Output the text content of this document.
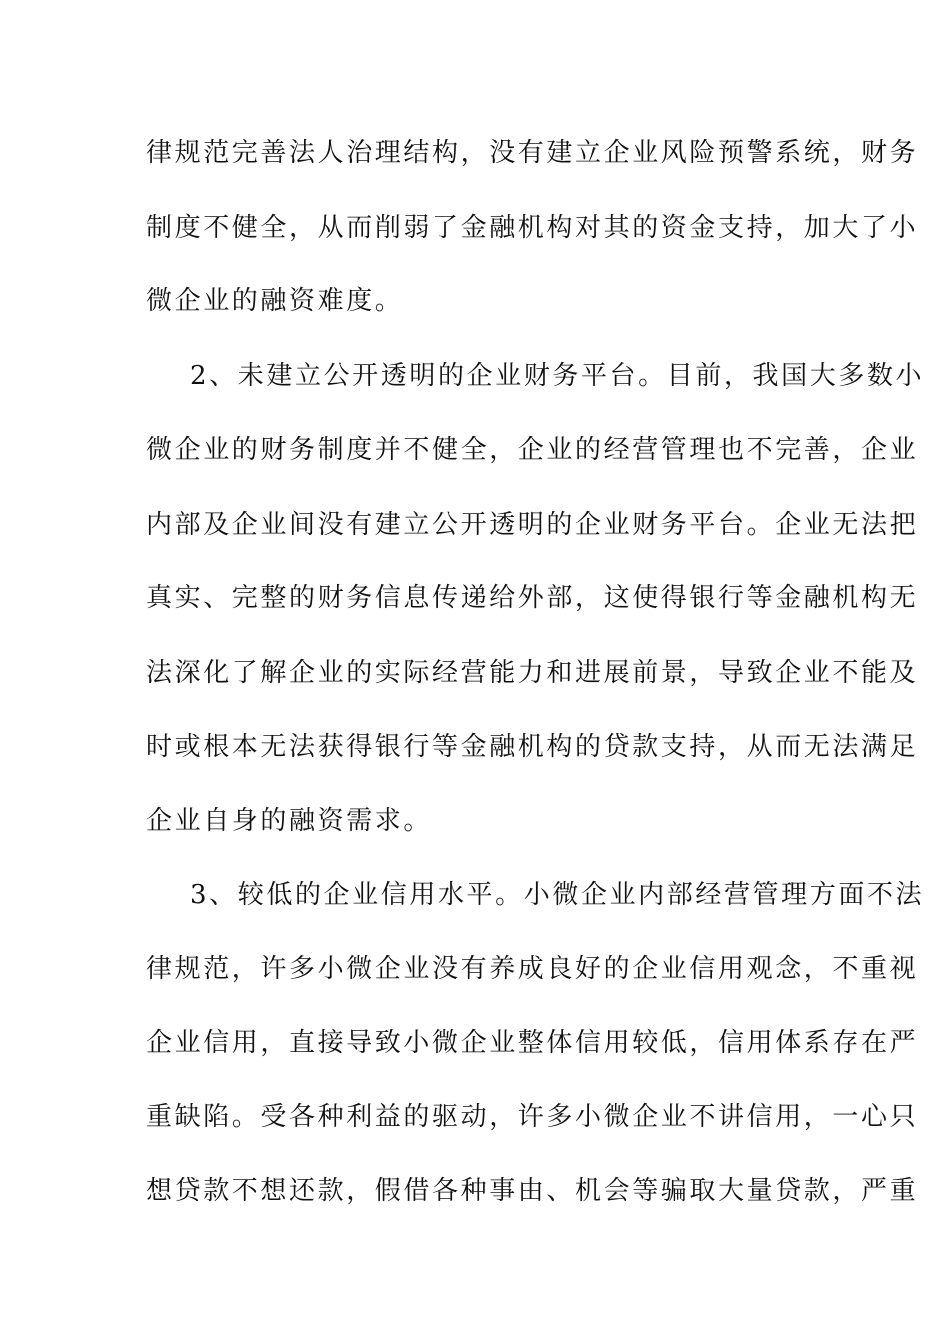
律规范完善法人治理结构，没有建立企业风险预警系统，财务
制度不健全，从而削弱了金融机构对其的资金支持，加大了小
微企业的融资难度。
2、未建立公开透明的企业财务平台。目前，我国大多数小
微企业的财务制度并不健全，企业的经营管理也不完善，企业
内部及企业间没有建立公开透明的企业财务平台。企业无法把
真实、完整的财务信息传递给外部，这使得银行等金融机构无
法深化了解企业的实际经营能力和进展前景，导致企业不能及
时或根本无法获得银行等金融机构的贷款支持，从而无法满足
企业自身的融资需求。
3、较低的企业信用水平。小微企业内部经营管理方面不法
律规范，许多小微企业没有养成良好的企业信用观念，不重视
企业信用，直接导致小微企业整体信用较低，信用体系存在严
重缺陷。受各种利益的驱动，许多小微企业不讲信用，一心只
想贷款不想还款，假借各种事由、机会等骗取大量贷款，严重
